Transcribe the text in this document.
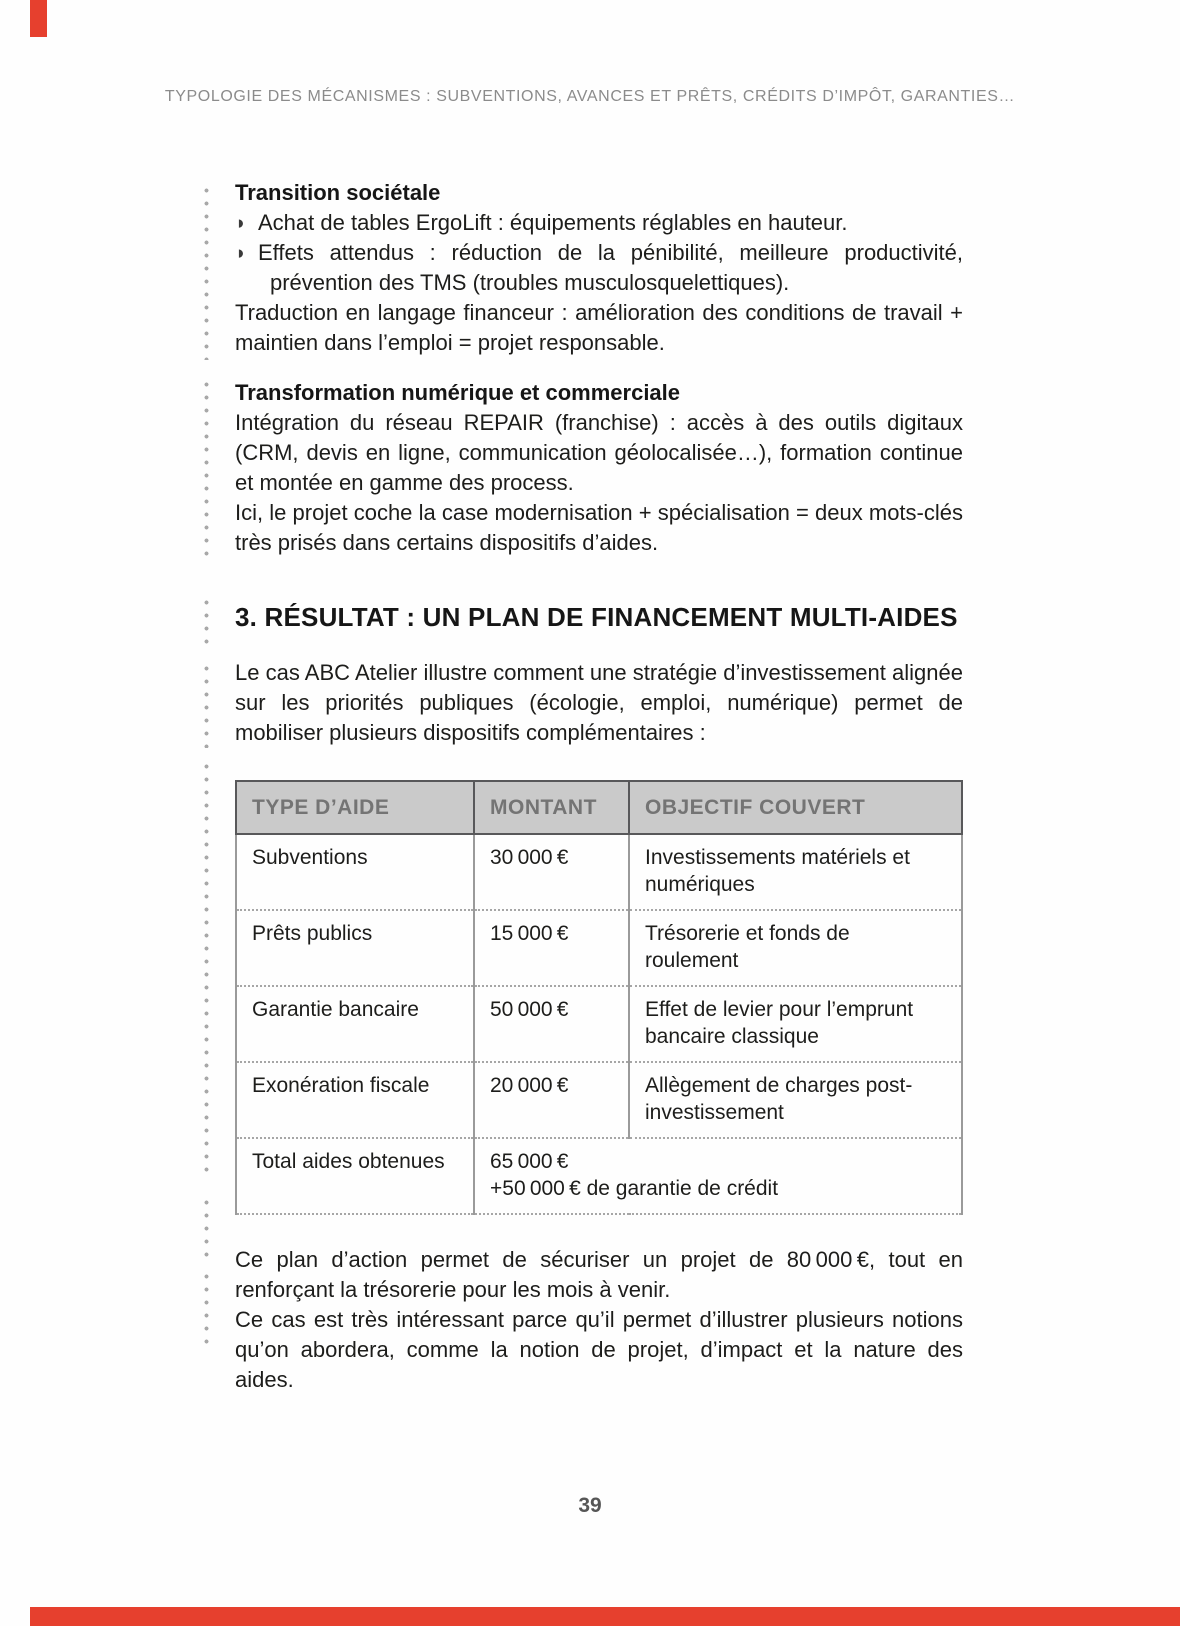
TYPOLOGIE DES MÉCANISMES : SUBVENTIONS, AVANCES ET PRÊTS, CRÉDITS D’IMPÔT, GARANTIES…
Transition sociétale

◗ Achat de tables ErgoLift : équipements réglables en hauteur.

◗ Effets attendus : réduction de la pénibilité, meilleure productivité, prévention des TMS (troubles musculosquelettiques).

Traduction en langage financeur : amélioration des conditions de travail + maintien dans l’emploi = projet responsable.

Transformation numérique et commerciale

Intégration du réseau REPAIR (franchise) : accès à des outils digitaux (CRM, devis en ligne, communication géolocalisée…), formation continue et montée en gamme des process.

Ici, le projet coche la case modernisation + spécialisation = deux mots-clés très prisés dans certains dispositifs d’aides.

3. RÉSULTAT : UN PLAN DE FINANCEMENT MULTI-AIDES

Le cas ABC Atelier illustre comment une stratégie d’investissement alignée sur les priorités publiques (écologie, emploi, numérique) permet de mobiliser plusieurs dispositifs complémentaires :

TYPE D’AIDE	MONTANT	OBJECTIF COUVERT
Subventions	30 000 €	Investissements matériels et numériques
Prêts publics	15 000 €	Trésorerie et fonds de roulement
Garantie bancaire	50 000 €	Effet de levier pour l’emprunt bancaire classique
Exonération fiscale	20 000 €	Allègement de charges post-investissement
Total aides obtenues	65 000 €
+50 000 € de garantie de crédit	

Ce plan d’action permet de sécuriser un projet de 80 000 €, tout en renforçant la trésorerie pour les mois à venir.

Ce cas est très intéressant parce qu’il permet d’illustrer plusieurs notions qu’on abordera, comme la notion de projet, d’impact et la nature des aides.

39
